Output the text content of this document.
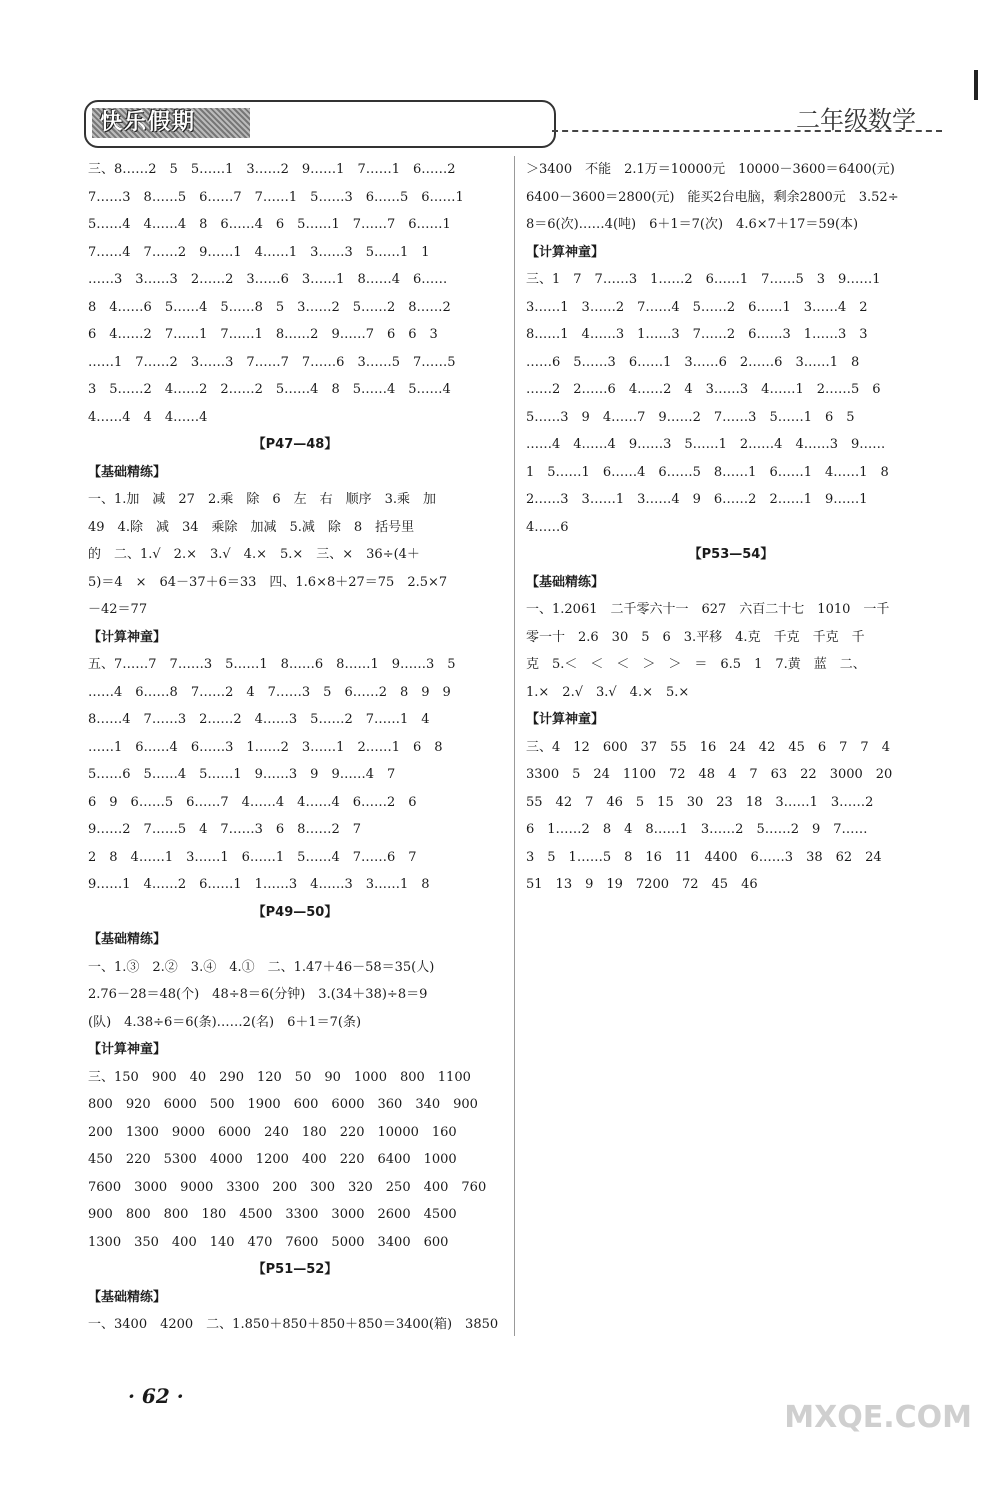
快乐假期	二年级数学
三、8……2　5　5……1　3……2　9……1　7……1　6……2
7……3　8……5　6……7　7……1　5……3　6……5　6……1
5……4　4……4　8　6……4　6　5……1　7……7　6……1
7……4　7……2　9……1　4……1　3……3　5……1　1
……3　3……3　2……2　3……6　3……1　8……4　6……
8　4……6　5……4　5……8　5　3……2　5……2　8……2
6　4……2　7……1　7……1　8……2　9……7　6　6　3
……1　7……2　3……3　7……7　7……6　3……5　7……5
3　5……2　4……2　2……2　5……4　8　5……4　5……4
4……4　4　4……4
【P47—48】
【基础精练】
一、1.加　减　27　2.乘　除　6　左　右　顺序　3.乘　加
49　4.除　减　34　乘除　加减　5.减　除　8　括号里
的　二、1.√　2.×　3.√　4.×　5.×　三、×　36÷(4＋
5)＝4　×　64－37＋6＝33　四、1.6×8＋27＝75　2.5×7
－42＝77
【计算神童】
五、7……7　7……3　5……1　8……6　8……1　9……3　5
……4　6……8　7……2　4　7……3　5　6……2　8　9　9
8……4　7……3　2……2　4……3　5……2　7……1　4
……1　6……4　6……3　1……2　3……1　2……1　6　8
5……6　5……4　5……1　9……3　9　9……4　7
6　9　6……5　6……7　4……4　4……4　6……2　6
9……2　7……5　4　7……3　6　8……2　7
2　8　4……1　3……1　6……1　5……4　7……6　7
9……1　4……2　6……1　1……3　4……3　3……1　8
【P49—50】
【基础精练】
一、1.③　2.②　3.④　4.①　二、1.47＋46－58＝35(人)
2.76－28＝48(个)　48÷8＝6(分钟)　3.(34＋38)÷8＝9
(队)　4.38÷6＝6(条)……2(名)　6＋1＝7(条)
【计算神童】
三、150　900　40　290　120　50　90　1000　800　1100
800　920　6000　500　1900　600　6000　360　340　900
200　1300　9000　6000　240　180　220　10000　160
450　220　5300　4000　1200　400　220　6400　1000
7600　3000　9000　3300　200　300　320　250　400　760
900　800　800　180　4500　3300　3000　2600　4500
1300　350　400　140　470　7600　5000　3400　600
【P51—52】
【基础精练】
一、3400　4200　二、1.850＋850＋850＋850＝3400(箱)　3850
＞3400　不能　2.1万＝10000元　10000－3600＝6400(元)
6400－3600＝2800(元)　能买2台电脑，剩余2800元　3.52÷
8＝6(次)……4(吨)　6＋1＝7(次)　4.6×7＋17＝59(本)
【计算神童】
三、1　7　7……3　1……2　6……1　7……5　3　9……1
3……1　3……2　7……4　5……2　6……1　3……4　2
8……1　4……3　1……3　7……2　6……3　1……3　3
……6　5……3　6……1　3……6　2……6　3……1　8
……2　2……6　4……2　4　3……3　4……1　2……5　6
5……3　9　4……7　9……2　7……3　5……1　6　5
……4　4……4　9……3　5……1　2……4　4……3　9……
1　5……1　6……4　6……5　8……1　6……1　4……1　8
2……3　3……1　3……4　9　6……2　2……1　9……1
4……6
【P53—54】
【基础精练】
一、1.2061　二千零六十一　627　六百二十七　1010　一千
零一十　2.6　30　5　6　3.平移　4.克　千克　千克　千
克　5.＜　＜　＜　＞　＞　＝　6.5　1　7.黄　蓝　二、
1.×　2.√　3.√　4.×　5.×
【计算神童】
三、4　12　600　37　55　16　24　42　45　6　7　7　4
3300　5　24　1100　72　48　4　7　63　22　3000　20
55　42　7　46　5　15　30　23　18　3……1　3……2
6　1……2　8　4　8……1　3……2　5……2　9　7……
3　5　1……5　8　16　11　4400　6……3　38　62　24
51　13　9　19　7200　72　45　46
· 62 ·
MXQE.COM
